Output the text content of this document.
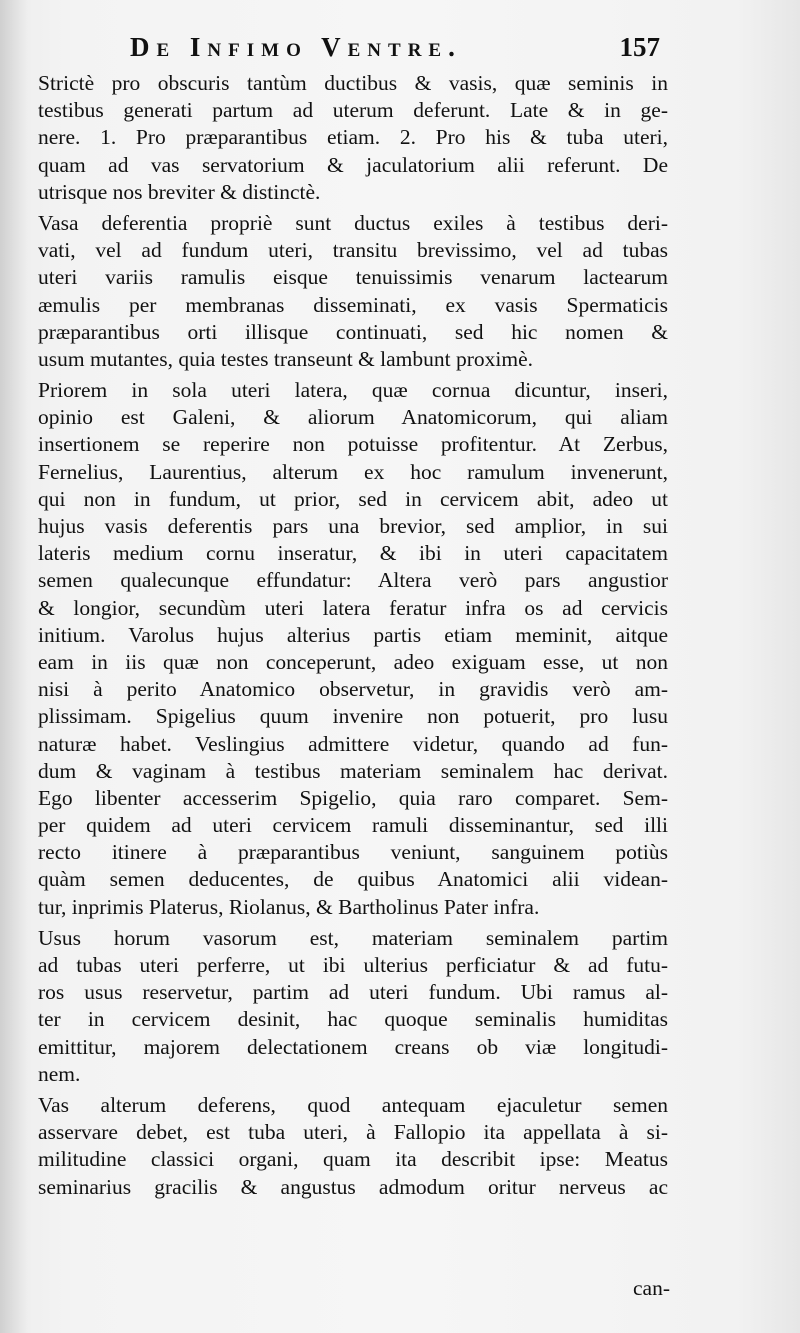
De Infimo Ventre.	157
Strictè pro obscuris tantùm ductibus & vasis, quæ seminis in
testibus generati partum ad uterum deferunt. Late & in ge-
nere. 1. Pro præparantibus etiam. 2. Pro his & tuba uteri,
quam ad vas servatorium & jaculatorium alii referunt. De
utrisque nos breviter & distinctè.
Vasa deferentia propriè sunt ductus exiles à testibus deri-
vati, vel ad fundum uteri, transitu brevissimo, vel ad tubas
uteri variis ramulis eisque tenuissimis venarum lactearum
æmulis per membranas disseminati, ex vasis Spermaticis
præparantibus orti illisque continuati, sed hic nomen &
usum mutantes, quia testes transeunt & lambunt proximè.
Priorem in sola uteri latera, quæ cornua dicuntur, inseri,
opinio est Galeni, & aliorum Anatomicorum, qui aliam
insertionem se reperire non potuisse profitentur. At Zerbus,
Fernelius, Laurentius, alterum ex hoc ramulum invenerunt,
qui non in fundum, ut prior, sed in cervicem abit, adeo ut
hujus vasis deferentis pars una brevior, sed amplior, in sui
lateris medium cornu inseratur, & ibi in uteri capacitatem
semen qualecunque effundatur: Altera verò pars angustior
& longior, secundùm uteri latera feratur infra os ad cervicis
initium. Varolus hujus alterius partis etiam meminit, aitque
eam in iis quæ non conceperunt, adeo exiguam esse, ut non
nisi à perito Anatomico observetur, in gravidis verò am-
plissimam. Spigelius quum invenire non potuerit, pro lusu
naturæ habet. Veslingius admittere videtur, quando ad fun-
dum & vaginam à testibus materiam seminalem hac derivat.
Ego libenter accesserim Spigelio, quia raro comparet. Sem-
per quidem ad uteri cervicem ramuli disseminantur, sed illi
recto itinere à præparantibus veniunt, sanguinem potiùs
quàm semen deducentes, de quibus Anatomici alii videan-
tur, inprimis Platerus, Riolanus, & Bartholinus Pater infra.
Usus horum vasorum est, materiam seminalem partim
ad tubas uteri perferre, ut ibi ulterius perficiatur & ad futu-
ros usus reservetur, partim ad uteri fundum. Ubi ramus al-
ter in cervicem desinit, hac quoque seminalis humiditas
emittitur, majorem delectationem creans ob viæ longitudi-
nem.
Vas alterum deferens, quod antequam ejaculetur semen
asservare debet, est tuba uteri, à Fallopio ita appellata à si-
militudine classici organi, quam ita describit ipse: Meatus
seminarius gracilis & angustus admodum oritur nerveus ac
can-
